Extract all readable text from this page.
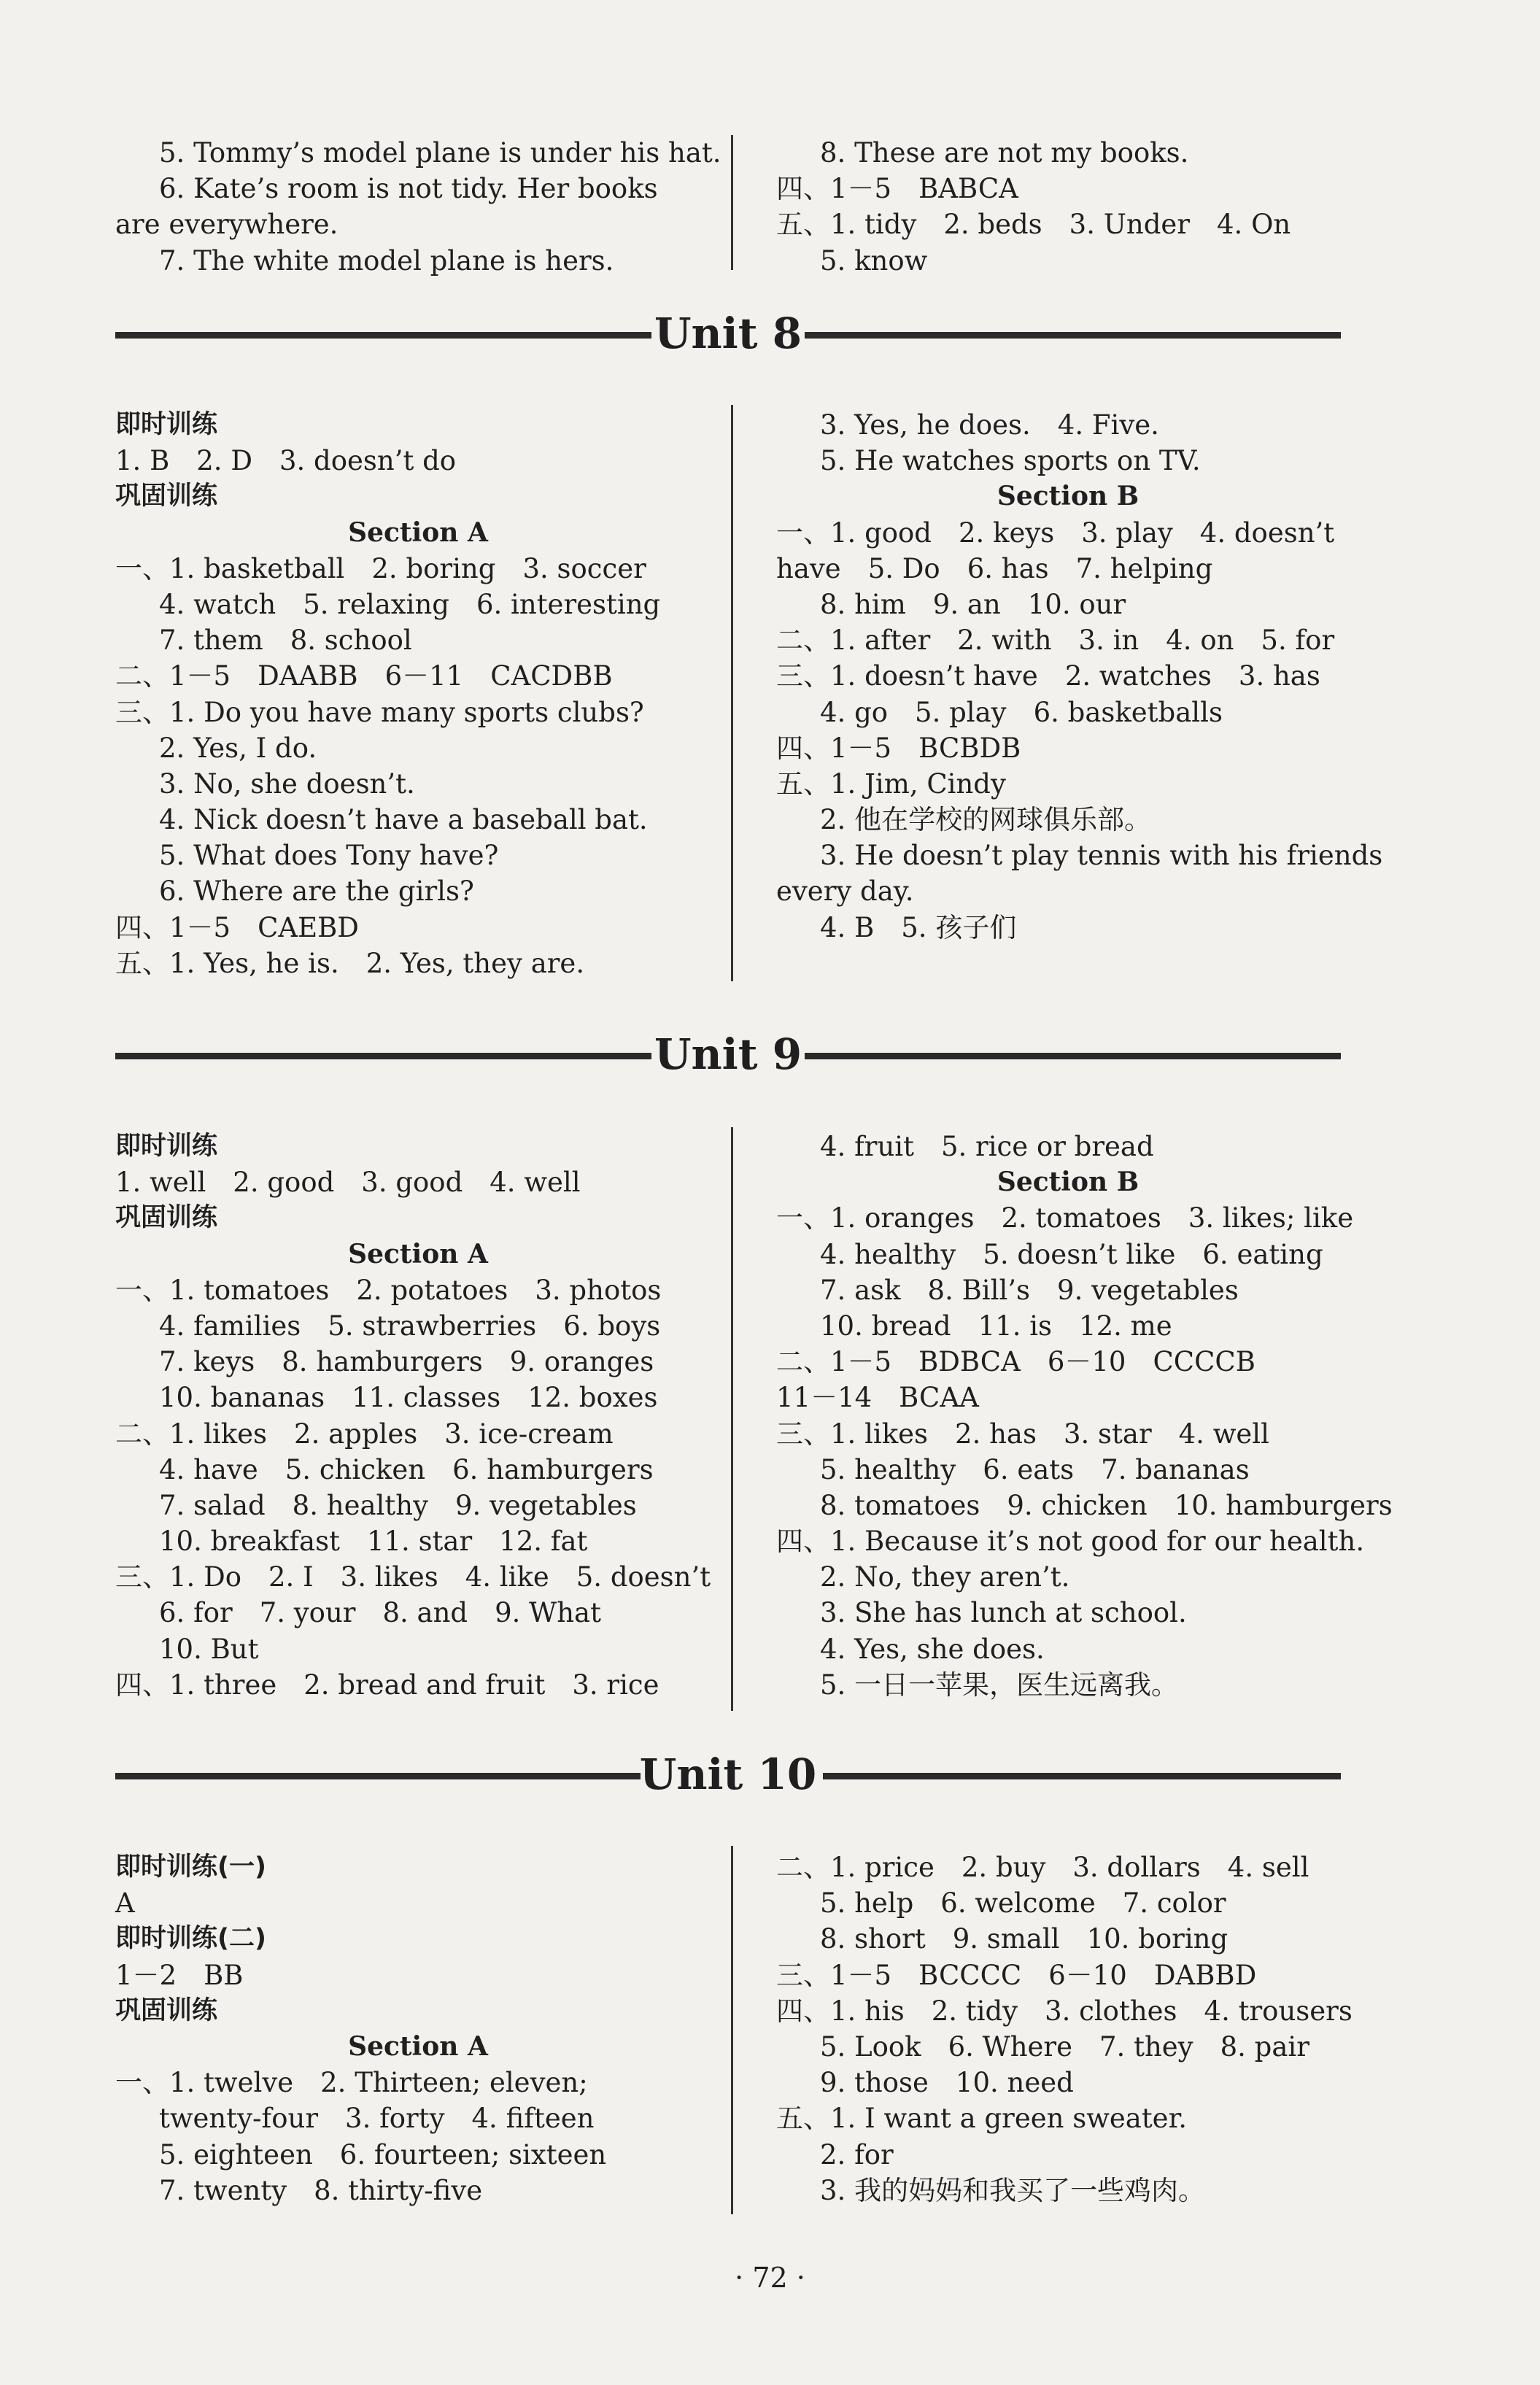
5. Tommy’s model plane is under his hat.
6. Kate’s room is not tidy. Her books
are everywhere.
7. The white model plane is hers.
8. These are not my books.
四、1－5　BABCA
五、1. tidy　2. beds　3. Under　4. On
5. know
Unit 8
即时训练
1. B　2. D　3. doesn’t do
巩固训练
Section A
一、1. basketball　2. boring　3. soccer
4. watch　5. relaxing　6. interesting
7. them　8. school
二、1－5　DAABB　6－11　CACDBB
三、1. Do you have many sports clubs?
2. Yes, I do.
3. No, she doesn’t.
4. Nick doesn’t have a baseball bat.
5. What does Tony have?
6. Where are the girls?
四、1－5　CAEBD
五、1. Yes, he is.　2. Yes, they are.
3. Yes, he does.　4. Five.
5. He watches sports on TV.
Section B
一、1. good　2. keys　3. play　4. doesn’t
have　5. Do　6. has　7. helping
8. him　9. an　10. our
二、1. after　2. with　3. in　4. on　5. for
三、1. doesn’t have　2. watches　3. has
4. go　5. play　6. basketballs
四、1－5　BCBDB
五、1. Jim, Cindy
2. 他在学校的网球俱乐部。
3. He doesn’t play tennis with his friends
every day.
4. B　5. 孩子们
Unit 9
即时训练
1. well　2. good　3. good　4. well
巩固训练
Section A
一、1. tomatoes　2. potatoes　3. photos
4. families　5. strawberries　6. boys
7. keys　8. hamburgers　9. oranges
10. bananas　11. classes　12. boxes
二、1. likes　2. apples　3. ice-cream
4. have　5. chicken　6. hamburgers
7. salad　8. healthy　9. vegetables
10. breakfast　11. star　12. fat
三、1. Do　2. I　3. likes　4. like　5. doesn’t
6. for　7. your　8. and　9. What
10. But
四、1. three　2. bread and fruit　3. rice
4. fruit　5. rice or bread
Section B
一、1. oranges　2. tomatoes　3. likes; like
4. healthy　5. doesn’t like　6. eating
7. ask　8. Bill’s　9. vegetables
10. bread　11. is　12. me
二、1－5　BDBCA　6－10　CCCCB
11－14　BCAA
三、1. likes　2. has　3. star　4. well
5. healthy　6. eats　7. bananas
8. tomatoes　9. chicken　10. hamburgers
四、1. Because it’s not good for our health.
2. No, they aren’t.
3. She has lunch at school.
4. Yes, she does.
5. 一日一苹果，医生远离我。
Unit 10
即时训练(一)
A
即时训练(二)
1－2　BB
巩固训练
Section A
一、1. twelve　2. Thirteen; eleven;
twenty-four　3. forty　4. fifteen
5. eighteen　6. fourteen; sixteen
7. twenty　8. thirty-five
二、1. price　2. buy　3. dollars　4. sell
5. help　6. welcome　7. color
8. short　9. small　10. boring
三、1－5　BCCCC　6－10　DABBD
四、1. his　2. tidy　3. clothes　4. trousers
5. Look　6. Where　7. they　8. pair
9. those　10. need
五、1. I want a green sweater.
2. for
3. 我的妈妈和我买了一些鸡肉。
· 72 ·
